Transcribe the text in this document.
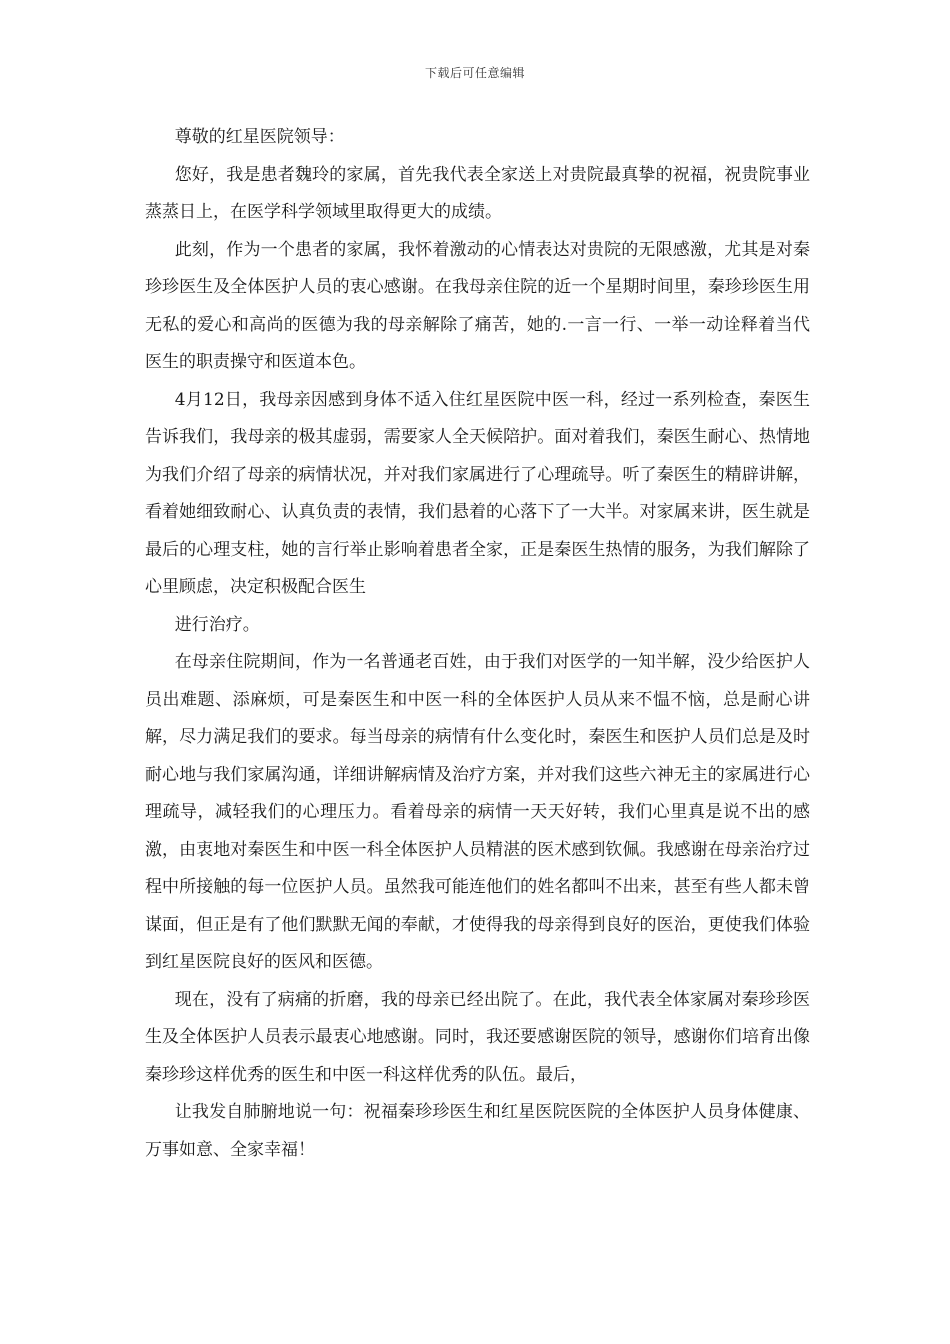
下载后可任意编辑

尊敬的红星医院领导：

您好，我是患者魏玲的家属，首先我代表全家送上对贵院最真挚的祝福，祝贵院事业蒸蒸日上，在医学科学领域里取得更大的成绩。

此刻，作为一个患者的家属，我怀着激动的心情表达对贵院的无限感激，尤其是对秦珍珍医生及全体医护人员的衷心感谢。在我母亲住院的近一个星期时间里，秦珍珍医生用无私的爱心和高尚的医德为我的母亲解除了痛苦，她的.一言一行、一举一动诠释着当代医生的职责操守和医道本色。

4月12日，我母亲因感到身体不适入住红星医院中医一科，经过一系列检查，秦医生告诉我们，我母亲的极其虚弱，需要家人全天候陪护。面对着我们，秦医生耐心、热情地为我们介绍了母亲的病情状况，并对我们家属进行了心理疏导。听了秦医生的精辟讲解，看着她细致耐心、认真负责的表情，我们悬着的心落下了一大半。对家属来讲，医生就是最后的心理支柱，她的言行举止影响着患者全家，正是秦医生热情的服务，为我们解除了心里顾虑，决定积极配合医生

进行治疗。

在母亲住院期间，作为一名普通老百姓，由于我们对医学的一知半解，没少给医护人员出难题、添麻烦，可是秦医生和中医一科的全体医护人员从来不愠不恼，总是耐心讲解，尽力满足我们的要求。每当母亲的病情有什么变化时，秦医生和医护人员们总是及时耐心地与我们家属沟通，详细讲解病情及治疗方案，并对我们这些六神无主的家属进行心理疏导，减轻我们的心理压力。看着母亲的病情一天天好转，我们心里真是说不出的感激，由衷地对秦医生和中医一科全体医护人员精湛的医术感到钦佩。我感谢在母亲治疗过程中所接触的每一位医护人员。虽然我可能连他们的姓名都叫不出来，甚至有些人都未曾谋面，但正是有了他们默默无闻的奉献，才使得我的母亲得到良好的医治，更使我们体验到红星医院良好的医风和医德。

现在，没有了病痛的折磨，我的母亲已经出院了。在此，我代表全体家属对秦珍珍医生及全体医护人员表示最衷心地感谢。同时，我还要感谢医院的领导，感谢你们培育出像秦珍珍这样优秀的医生和中医一科这样优秀的队伍。最后，

让我发自肺腑地说一句：祝福秦珍珍医生和红星医院医院的全体医护人员身体健康、万事如意、全家幸福！
